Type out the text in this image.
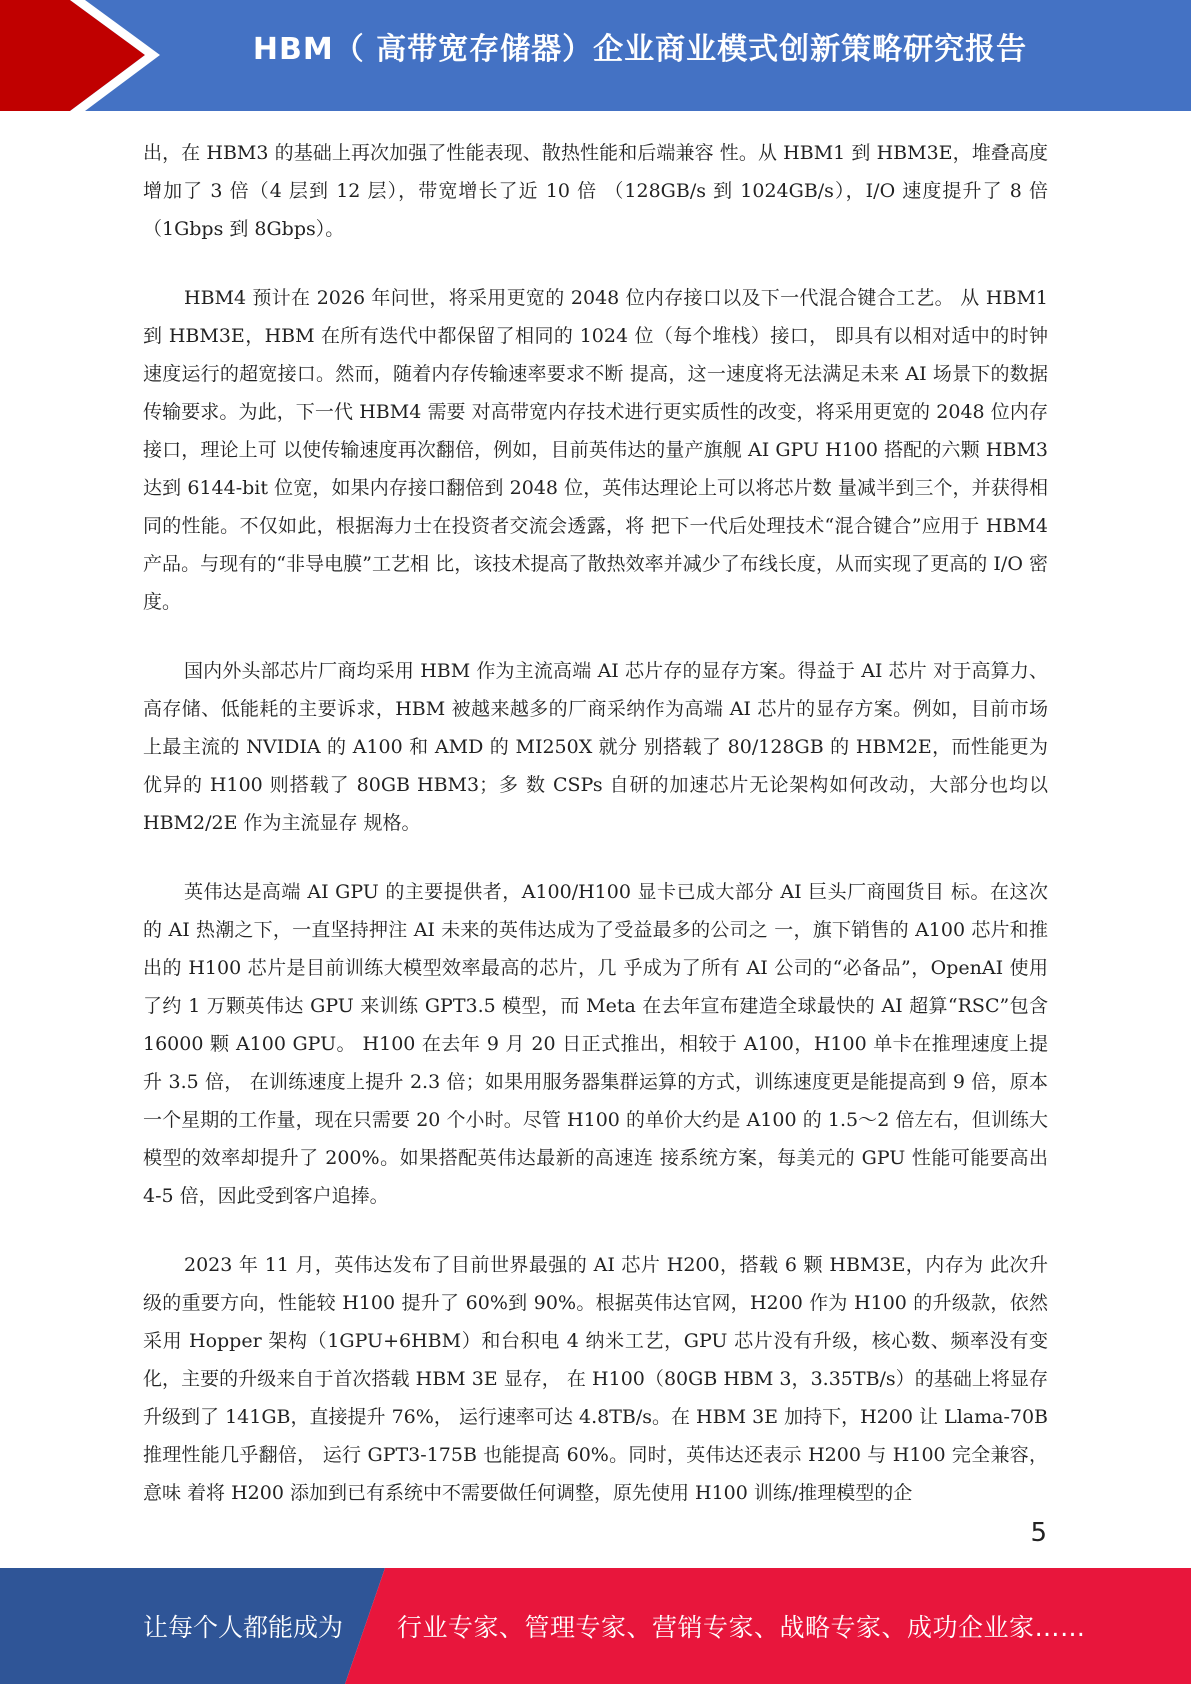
HBM（ 高带宽存储器）企业商业模式创新策略研究报告

出，在 HBM3 的基础上再次加强了性能表现、散热性能和后端兼容 性。从 HBM1 到 HBM3E，堆叠高度增加了 3 倍（4 层到 12 层），带宽增长了近 10 倍 （128GB/s 到 1024GB/s），I/O 速度提升了 8 倍（1Gbps 到 8Gbps）。

HBM4 预计在 2026 年问世，将采用更宽的 2048 位内存接口以及下一代混合键合工艺。 从 HBM1 到 HBM3E，HBM 在所有迭代中都保留了相同的 1024 位（每个堆栈）接口， 即具有以相对适中的时钟速度运行的超宽接口。然而，随着内存传输速率要求不断 提高，这一速度将无法满足未来 AI 场景下的数据传输要求。为此，下一代 HBM4 需要 对高带宽内存技术进行更实质性的改变，将采用更宽的 2048 位内存接口，理论上可 以使传输速度再次翻倍，例如，目前英伟达的量产旗舰 AI GPU H100 搭配的六颗 HBM3 达到 6144-bit 位宽，如果内存接口翻倍到 2048 位，英伟达理论上可以将芯片数 量减半到三个，并获得相同的性能。不仅如此，根据海力士在投资者交流会透露，将 把下一代后处理技术“混合键合”应用于 HBM4 产品。与现有的“非导电膜”工艺相 比，该技术提高了散热效率并减少了布线长度，从而实现了更高的 I/O 密度。

国内外头部芯片厂商均采用 HBM 作为主流高端 AI 芯片存的显存方案。得益于 AI 芯片 对于高算力、高存储、低能耗的主要诉求，HBM 被越来越多的厂商采纳作为高端 AI 芯片的显存方案。例如，目前市场上最主流的 NVIDIA 的 A100 和 AMD 的 MI250X 就分 别搭载了 80/128GB 的 HBM2E，而性能更为优异的 H100 则搭载了 80GB HBM3；多 数 CSPs 自研的加速芯片无论架构如何改动，大部分也均以 HBM2/2E 作为主流显存 规格。

英伟达是高端 AI GPU 的主要提供者，A100/H100 显卡已成大部分 AI 巨头厂商囤货目 标。在这次的 AI 热潮之下，一直坚持押注 AI 未来的英伟达成为了受益最多的公司之 一，旗下销售的 A100 芯片和推出的 H100 芯片是目前训练大模型效率最高的芯片，几 乎成为了所有 AI 公司的“必备品”，OpenAI 使用了约 1 万颗英伟达 GPU 来训练 GPT3.5 模型，而 Meta 在去年宣布建造全球最快的 AI 超算“RSC”包含 16000 颗 A100 GPU。 H100 在去年 9 月 20 日正式推出，相较于 A100，H100 单卡在推理速度上提升 3.5 倍， 在训练速度上提升 2.3 倍；如果用服务器集群运算的方式，训练速度更是能提高到 9 倍，原本一个星期的工作量，现在只需要 20 个小时。尽管 H100 的单价大约是 A100 的 1.5～2 倍左右，但训练大模型的效率却提升了 200%。如果搭配英伟达最新的高速连 接系统方案，每美元的 GPU 性能可能要高出 4-5 倍，因此受到客户追捧。

2023 年 11 月，英伟达发布了目前世界最强的 AI 芯片 H200，搭载 6 颗 HBM3E，内存为 此次升级的重要方向，性能较 H100 提升了 60%到 90%。根据英伟达官网，H200 作为 H100 的升级款，依然采用 Hopper 架构（1GPU+6HBM）和台积电 4 纳米工艺，GPU 芯片没有升级，核心数、频率没有变化，主要的升级来自于首次搭载 HBM 3E 显存， 在 H100（80GB HBM 3，3.35TB/s）的基础上将显存升级到了 141GB，直接提升 76%， 运行速率可达 4.8TB/s。在 HBM 3E 加持下，H200 让 Llama-70B 推理性能几乎翻倍， 运行 GPT3-175B 也能提高 60%。同时，英伟达还表示 H200 与 H100 完全兼容，意味 着将 H200 添加到已有系统中不需要做任何调整，原先使用 H100 训练/推理模型的企

5
让每个人都能成为 行业专家、管理专家、营销专家、战略专家、成功企业家……
